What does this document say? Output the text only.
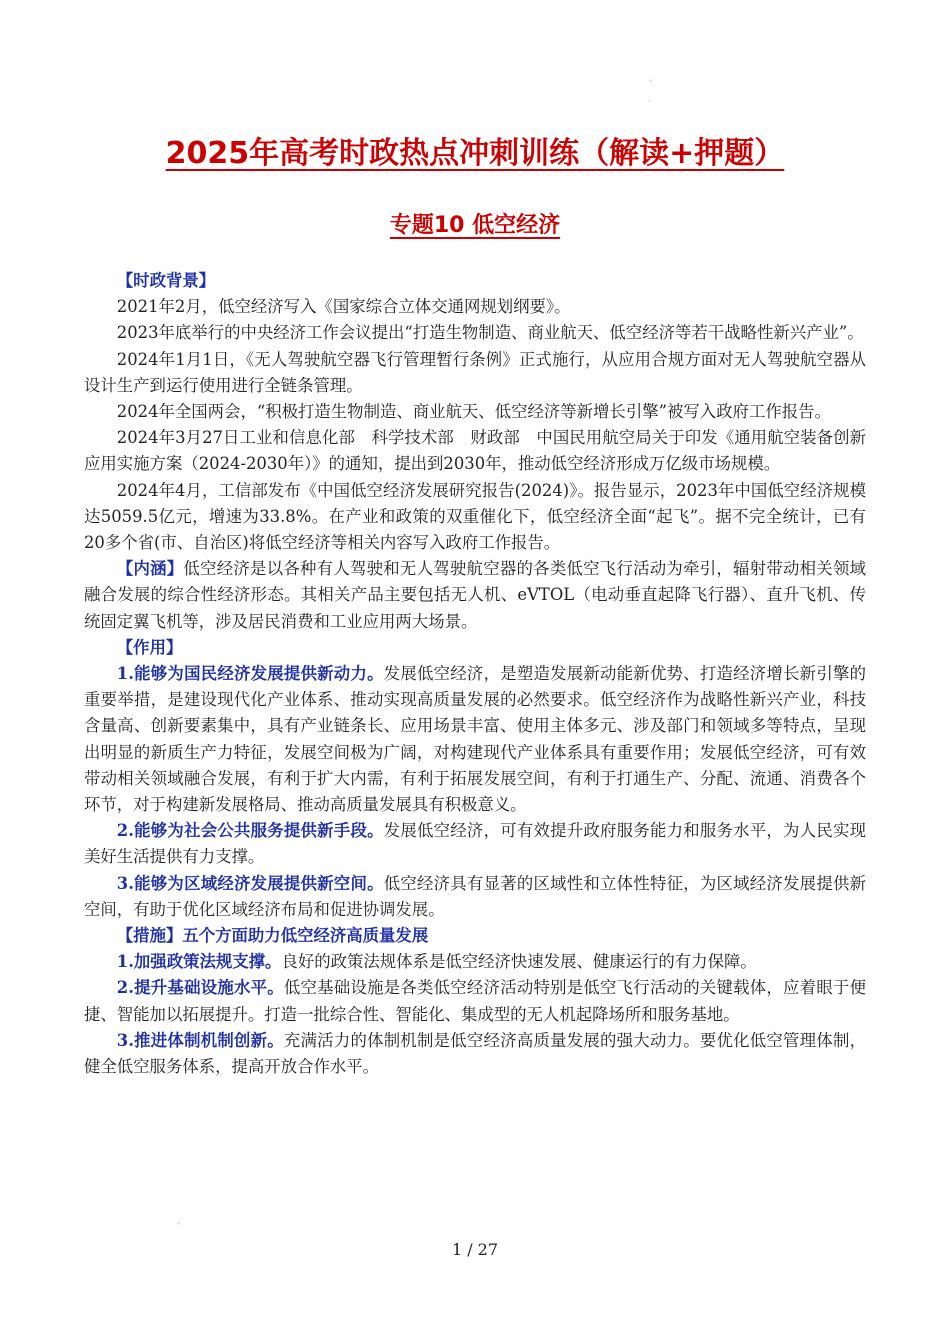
◦
·
◦
2025年高考时政热点冲刺训练（解读+押题）
专题10 低空经济

【时政背景】

2021年2月，低空经济写入《国家综合立体交通网规划纲要》。

2023年底举行的中央经济工作会议提出“打造生物制造、商业航天、低空经济等若干战略性新兴产业”。

2024年1月1日，《无人驾驶航空器飞行管理暂行条例》正式施行，从应用合规方面对无人驾驶航空器从设计生产到运行使用进行全链条管理。

2024年全国两会，“积极打造生物制造、商业航天、低空经济等新增长引擎”被写入政府工作报告。

2024年3月27日工业和信息化部　科学技术部　财政部　中国民用航空局关于印发《通用航空装备创新应用实施方案（2024-2030年）》的通知，提出到2030年，推动低空经济形成万亿级市场规模。

2024年4月，工信部发布《中国低空经济发展研究报告(2024)》。报告显示，2023年中国低空经济规模达5059.5亿元，增速为33.8%。在产业和政策的双重催化下，低空经济全面“起飞”。据不完全统计，已有20多个省(市、自治区)将低空经济等相关内容写入政府工作报告。

【内涵】低空经济是以各种有人驾驶和无人驾驶航空器的各类低空飞行活动为牵引，辐射带动相关领域融合发展的综合性经济形态。其相关产品主要包括无人机、eVTOL（电动垂直起降飞行器）、直升飞机、传统固定翼飞机等，涉及居民消费和工业应用两大场景。

【作用】

1.能够为国民经济发展提供新动力。发展低空经济，是塑造发展新动能新优势、打造经济增长新引擎的重要举措，是建设现代化产业体系、推动实现高质量发展的必然要求。低空经济作为战略性新兴产业，科技含量高、创新要素集中，具有产业链条长、应用场景丰富、使用主体多元、涉及部门和领域多等特点，呈现出明显的新质生产力特征，发展空间极为广阔，对构建现代产业体系具有重要作用；发展低空经济，可有效带动相关领域融合发展，有利于扩大内需，有利于拓展发展空间，有利于打通生产、分配、流通、消费各个环节，对于构建新发展格局、推动高质量发展具有积极意义。

2.能够为社会公共服务提供新手段。发展低空经济，可有效提升政府服务能力和服务水平，为人民实现美好生活提供有力支撑。

3.能够为区域经济发展提供新空间。低空经济具有显著的区域性和立体性特征，为区域经济发展提供新空间，有助于优化区域经济布局和促进协调发展。

【措施】五个方面助力低空经济高质量发展

1.加强政策法规支撑。良好的政策法规体系是低空经济快速发展、健康运行的有力保障。

2.提升基础设施水平。低空基础设施是各类低空经济活动特别是低空飞行活动的关键载体，应着眼于便捷、智能加以拓展提升。打造一批综合性、智能化、集成型的无人机起降场所和服务基地。

3.推进体制机制创新。充满活力的体制机制是低空经济高质量发展的强大动力。要优化低空管理体制，健全低空服务体系，提高开放合作水平。

1 / 27
